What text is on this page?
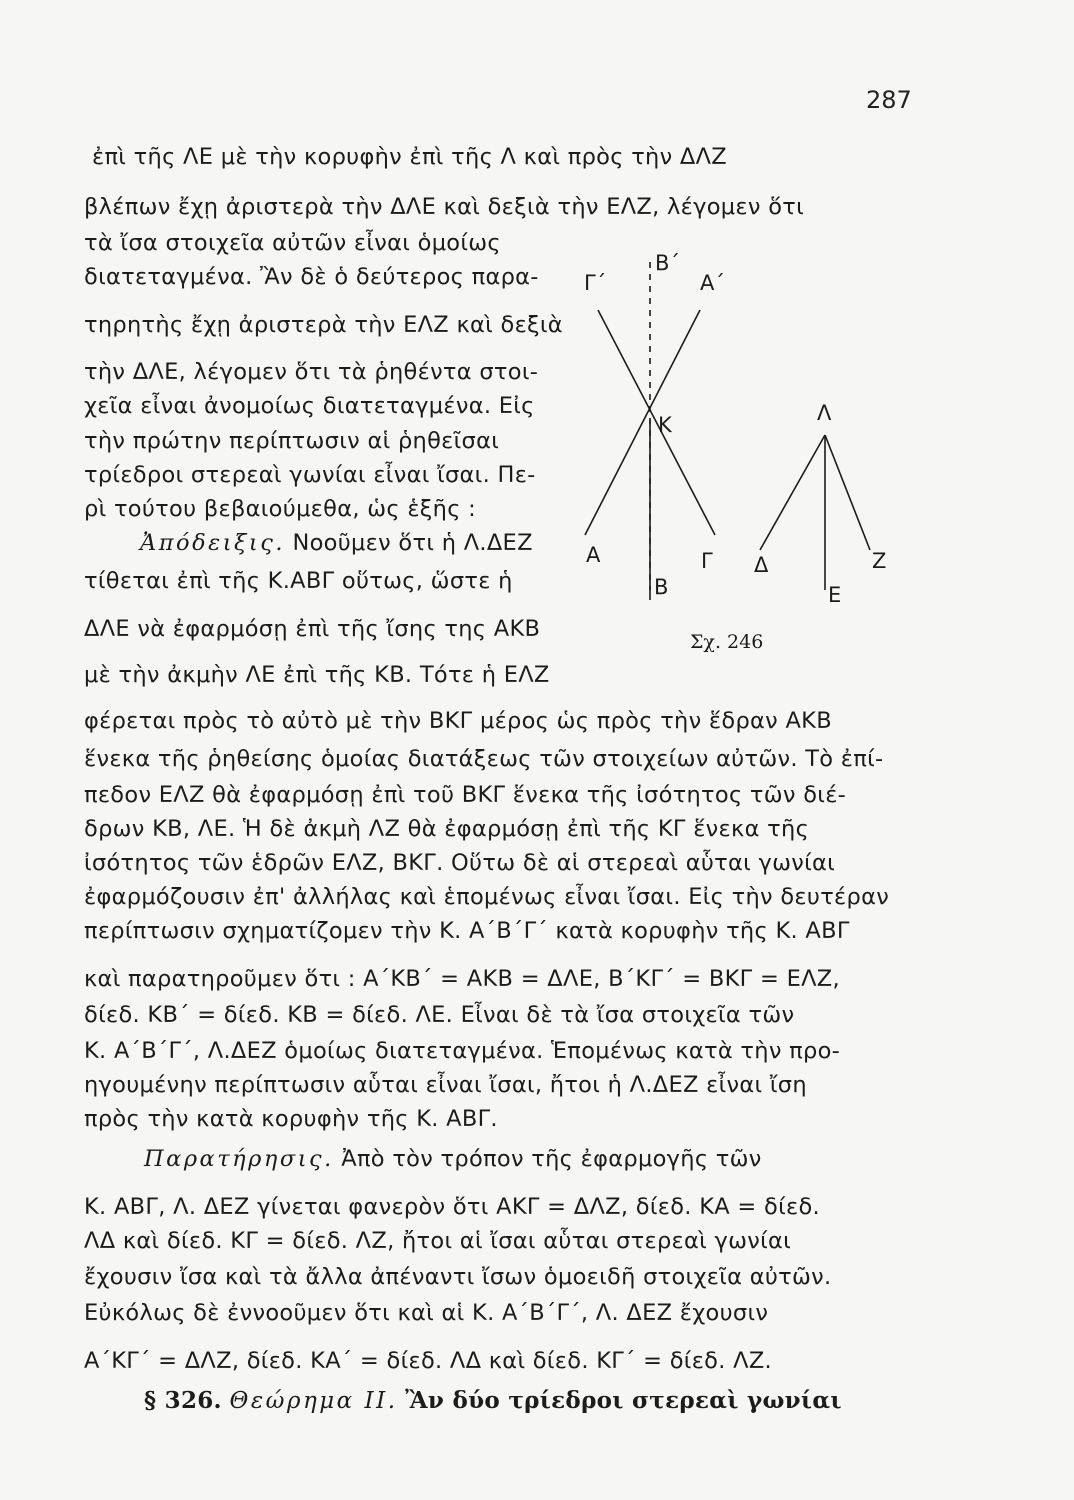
287
ἐπὶ τῆς ΛΕ μὲ τὴν κορυφὴν ἐπὶ τῆς Λ καὶ πρὸς τὴν ΔΛΖ
βλέπων ἔχῃ ἀριστερὰ τὴν ΔΛΕ καὶ δεξιὰ τὴν ΕΛΖ, λέγομεν ὅτι
τὰ ἴσα στοιχεῖα αὐτῶν εἶναι ὁμοίως
διατεταγμένα. Ἂν δὲ ὁ δεύτερος παρα-
τηρητὴς ἔχῃ ἀριστερὰ τὴν ΕΛΖ καὶ δεξιὰ
τὴν ΔΛΕ, λέγομεν ὅτι τὰ ῥηθέντα στοι-
χεῖα εἶναι ἀνομοίως διατεταγμένα. Εἰς
τὴν πρώτην περίπτωσιν αἱ ῥηθεῖσαι
τρίεδροι στερεαὶ γωνίαι εἶναι ἴσαι. Πε-
ρὶ τούτου βεβαιούμεθα, ὡς ἑξῆς :
Ἀπόδειξις. Νοοῦμεν ὅτι ἡ Λ.ΔΕΖ
τίθεται ἐπὶ τῆς Κ.ΑΒΓ οὕτως, ὥστε ἡ
ΔΛΕ νὰ ἐφαρμόσῃ ἐπὶ τῆς ἴσης της ΑΚΒ
μὲ τὴν ἀκμὴν ΛΕ ἐπὶ τῆς ΚΒ. Τότε ἡ ΕΛΖ
φέρεται πρὸς τὸ αὐτὸ μὲ τὴν ΒΚΓ μέρος ὡς πρὸς τὴν ἕδραν ΑΚΒ
ἕνεκα τῆς ῥηθείσης ὁμοίας διατάξεως τῶν στοιχείων αὐτῶν. Τὸ ἐπί-
πεδον ΕΛΖ θὰ ἐφαρμόσῃ ἐπὶ τοῦ ΒΚΓ ἕνεκα τῆς ἰσότητος τῶν διέ-
δρων ΚΒ, ΛΕ. Ἡ δὲ ἀκμὴ ΛΖ θὰ ἐφαρμόσῃ ἐπὶ τῆς ΚΓ ἕνεκα τῆς
ἰσότητος τῶν ἑδρῶν ΕΛΖ, ΒΚΓ. Οὕτω δὲ αἱ στερεαὶ αὗται γωνίαι
ἐφαρμόζουσιν ἐπ' ἀλλήλας καὶ ἑπομένως εἶναι ἴσαι. Εἰς τὴν δευτέραν
περίπτωσιν σχηματίζομεν τὴν Κ. Α΄Β΄Γ΄ κατὰ κορυφὴν τῆς Κ. ΑΒΓ
καὶ παρατηροῦμεν ὅτι : Α΄ΚΒ΄ = ΑΚΒ = ΔΛΕ, Β΄ΚΓ΄ = ΒΚΓ = ΕΛΖ,
δίεδ. ΚΒ΄ = δίεδ. ΚΒ = δίεδ. ΛΕ. Εἶναι δὲ τὰ ἴσα στοιχεῖα τῶν
Κ. Α΄Β΄Γ΄, Λ.ΔΕΖ ὁμοίως διατεταγμένα. Ἑπομένως κατὰ τὴν προ-
ηγουμένην περίπτωσιν αὗται εἶναι ἴσαι, ἤτοι ἡ Λ.ΔΕΖ εἶναι ἴση
πρὸς τὴν κατὰ κορυφὴν τῆς Κ. ΑΒΓ.
Παρατήρησις. Ἀπὸ τὸν τρόπον τῆς ἐφαρμογῆς τῶν
Κ. ΑΒΓ, Λ. ΔΕΖ γίνεται φανερὸν ὅτι ΑΚΓ = ΔΛΖ, δίεδ. ΚΑ = δίεδ.
ΛΔ καὶ δίεδ. ΚΓ = δίεδ. ΛΖ, ἤτοι αἱ ἴσαι αὗται στερεαὶ γωνίαι
ἔχουσιν ἴσα καὶ τὰ ἄλλα ἀπέναντι ἴσων ὁμοειδῆ στοιχεῖα αὐτῶν.
Εὐκόλως δὲ ἐννοοῦμεν ὅτι καὶ αἱ Κ. Α΄Β΄Γ΄, Λ. ΔΕΖ ἔχουσιν
Α΄ΚΓ΄ = ΔΛΖ, δίεδ. ΚΑ΄ = δίεδ. ΛΔ καὶ δίεδ. ΚΓ΄ = δίεδ. ΛΖ.
§ 326. Θεώρημα ΙΙ. Ἂν δύο τρίεδροι στερεαὶ γωνίαι
Β΄
Γ΄	Α΄
Κ
Α
Β
Γ
Λ
Δ
Ε
Ζ
Σχ. 246
